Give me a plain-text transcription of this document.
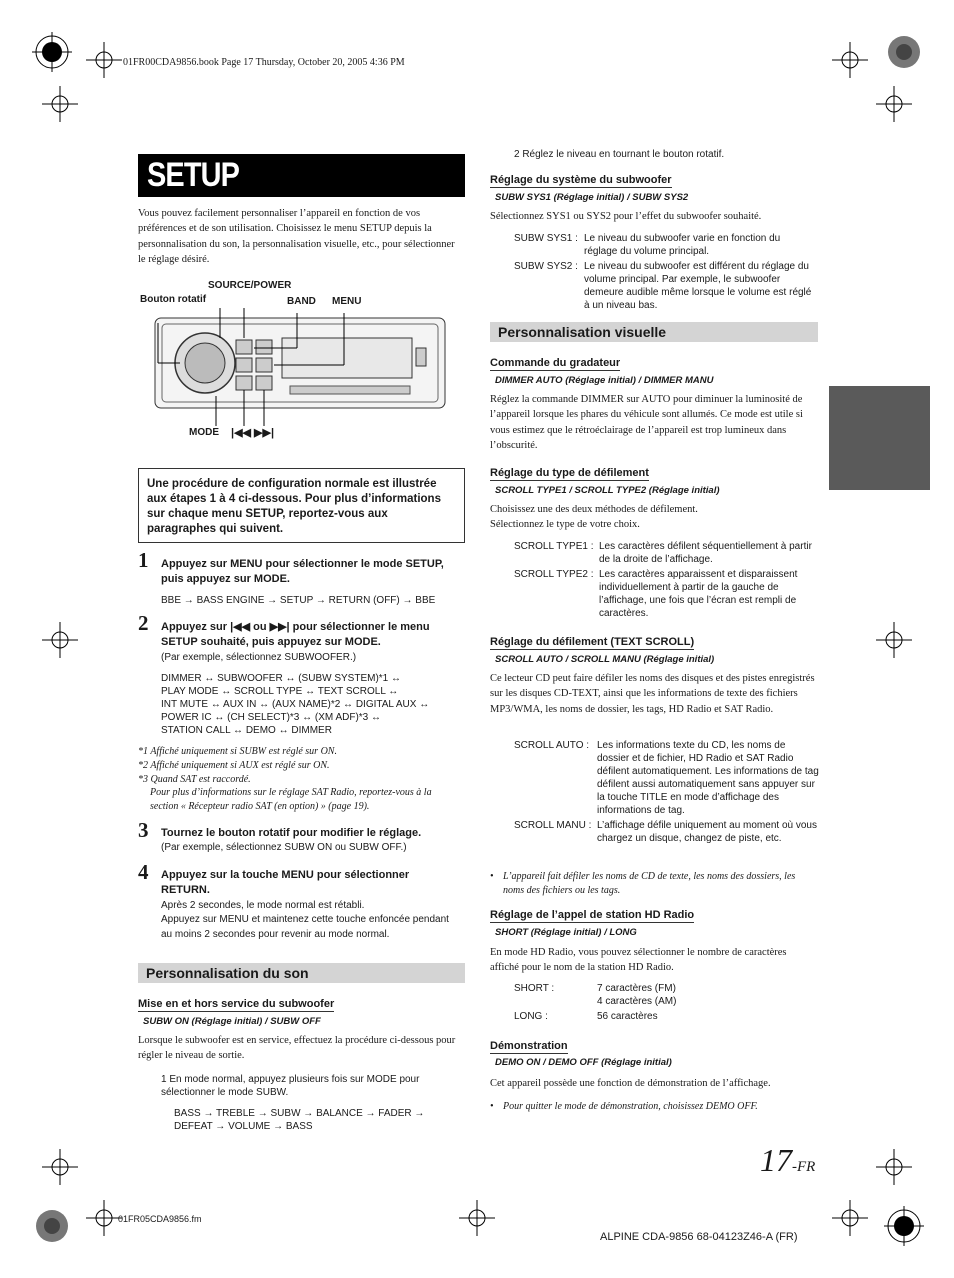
01FR00CDA9856.book Page 17 Thursday, October 20, 2005 4:36 PM
SETUP
Vous pouvez facilement personnaliser l’appareil en fonction de vos préférences et de son utilisation. Choisissez le menu SETUP depuis la personnalisation du son, la personnalisation visuelle, etc., pour sélectionner le réglage désiré.
SOURCE/POWER
Bouton rotatif	BAND MENU
MODE |◀◀ ▶▶|

Une procédure de configuration normale est illustrée aux étapes 1 à 4 ci-dessous. Pour plus d’informations sur chaque menu SETUP, reportez-vous aux paragraphes qui suivent.

1 Appuyez sur MENU pour sélectionner le mode SETUP, puis appuyez sur MODE.
BBE → BASS ENGINE → SETUP → RETURN (OFF) → BBE
2 Appuyez sur |◀◀ ou ▶▶| pour sélectionner le menu SETUP souhaité, puis appuyez sur MODE.
(Par exemple, sélectionnez SUBWOOFER.)
DIMMER ↔ SUBWOOFER ↔ (SUBW SYSTEM)*1 ↔
PLAY MODE ↔ SCROLL TYPE ↔ TEXT SCROLL ↔
INT MUTE ↔ AUX IN ↔ (AUX NAME)*2 ↔ DIGITAL AUX ↔
POWER IC ↔ (CH SELECT)*3 ↔ (XM ADF)*3 ↔
STATION CALL ↔ DEMO ↔ DIMMER
*1 Affiché uniquement si SUBW est réglé sur ON.
*2 Affiché uniquement si AUX est réglé sur ON.
*3 Quand SAT est raccordé.
Pour plus d’informations sur le réglage SAT Radio, reportez-vous à la section « Récepteur radio SAT (en option) » (page 19).
3 Tournez le bouton rotatif pour modifier le réglage.
(Par exemple, sélectionnez SUBW ON ou SUBW OFF.)
4 Appuyez sur la touche MENU pour sélectionner RETURN.
Après 2 secondes, le mode normal est rétabli.
Appuyez sur MENU et maintenez cette touche enfoncée pendant au moins 2 secondes pour revenir au mode normal.
Personnalisation du son
Mise en et hors service du subwoofer
SUBW ON (Réglage initial) / SUBW OFF
Lorsque le subwoofer est en service, effectuez la procédure ci-dessous pour régler le niveau de sortie.
1 En mode normal, appuyez plusieurs fois sur MODE pour sélectionner le mode SUBW.
BASS → TREBLE → SUBW → BALANCE → FADER →
DEFEAT → VOLUME → BASS
2 Réglez le niveau en tournant le bouton rotatif.
Réglage du système du subwoofer
SUBW SYS1 (Réglage initial) / SUBW SYS2
Sélectionnez SYS1 ou SYS2 pour l’effet du subwoofer souhaité.
SUBW SYS1 : Le niveau du subwoofer varie en fonction du réglage du volume principal.
SUBW SYS2 : Le niveau du subwoofer est différent du réglage du volume principal. Par exemple, le subwoofer demeure audible même lorsque le volume est réglé à un niveau bas.
Personnalisation visuelle
Commande du gradateur
DIMMER AUTO (Réglage initial) / DIMMER MANU
Réglez la commande DIMMER sur AUTO pour diminuer la luminosité de l’appareil lorsque les phares du véhicule sont allumés. Ce mode est utile si vous estimez que le rétroéclairage de l’appareil est trop lumineux dans l’obscurité.
Réglage du type de défilement
SCROLL TYPE1 / SCROLL TYPE2 (Réglage initial)
Choisissez une des deux méthodes de défilement. Sélectionnez le type de votre choix.
SCROLL TYPE1 : Les caractères défilent séquentiellement à partir de la droite de l’affichage.
SCROLL TYPE2 : Les caractères apparaissent et disparaissent individuellement à partir de la gauche de l’affichage, une fois que l’écran est rempli de caractères.
Réglage du défilement (TEXT SCROLL)
SCROLL AUTO / SCROLL MANU (Réglage initial)
Ce lecteur CD peut faire défiler les noms des disques et des pistes enregistrés sur les disques CD-TEXT, ainsi que les informations de texte des fichiers MP3/WMA, les noms de dossier, les tags, HD Radio et SAT Radio.
SCROLL AUTO : Les informations texte du CD, les noms de dossier et de fichier, HD Radio et SAT Radio défilent automatiquement. Les informations de tag défilent aussi automatiquement sans appuyer sur la touche TITLE en mode d’affichage des informations de tag.
SCROLL MANU : L’affichage défile uniquement au moment où vous chargez un disque, changez de piste, etc.
• L’appareil fait défiler les noms de CD de texte, les noms des dossiers, les noms des fichiers ou les tags.
Réglage de l’appel de station HD Radio
SHORT (Réglage initial) / LONG
En mode HD Radio, vous pouvez sélectionner le nombre de caractères affiché pour le nom de la station HD Radio.
SHORT :	7 caractères (FM)
4 caractères (AM)
LONG :	56 caractères
Démonstration
DEMO ON / DEMO OFF (Réglage initial)
Cet appareil possède une fonction de démonstration de l’affichage.
• Pour quitter le mode de démonstration, choisissez DEMO OFF.
17-FR
01FR05CDA9856.fm
ALPINE CDA-9856 68-04123Z46-A (FR)
